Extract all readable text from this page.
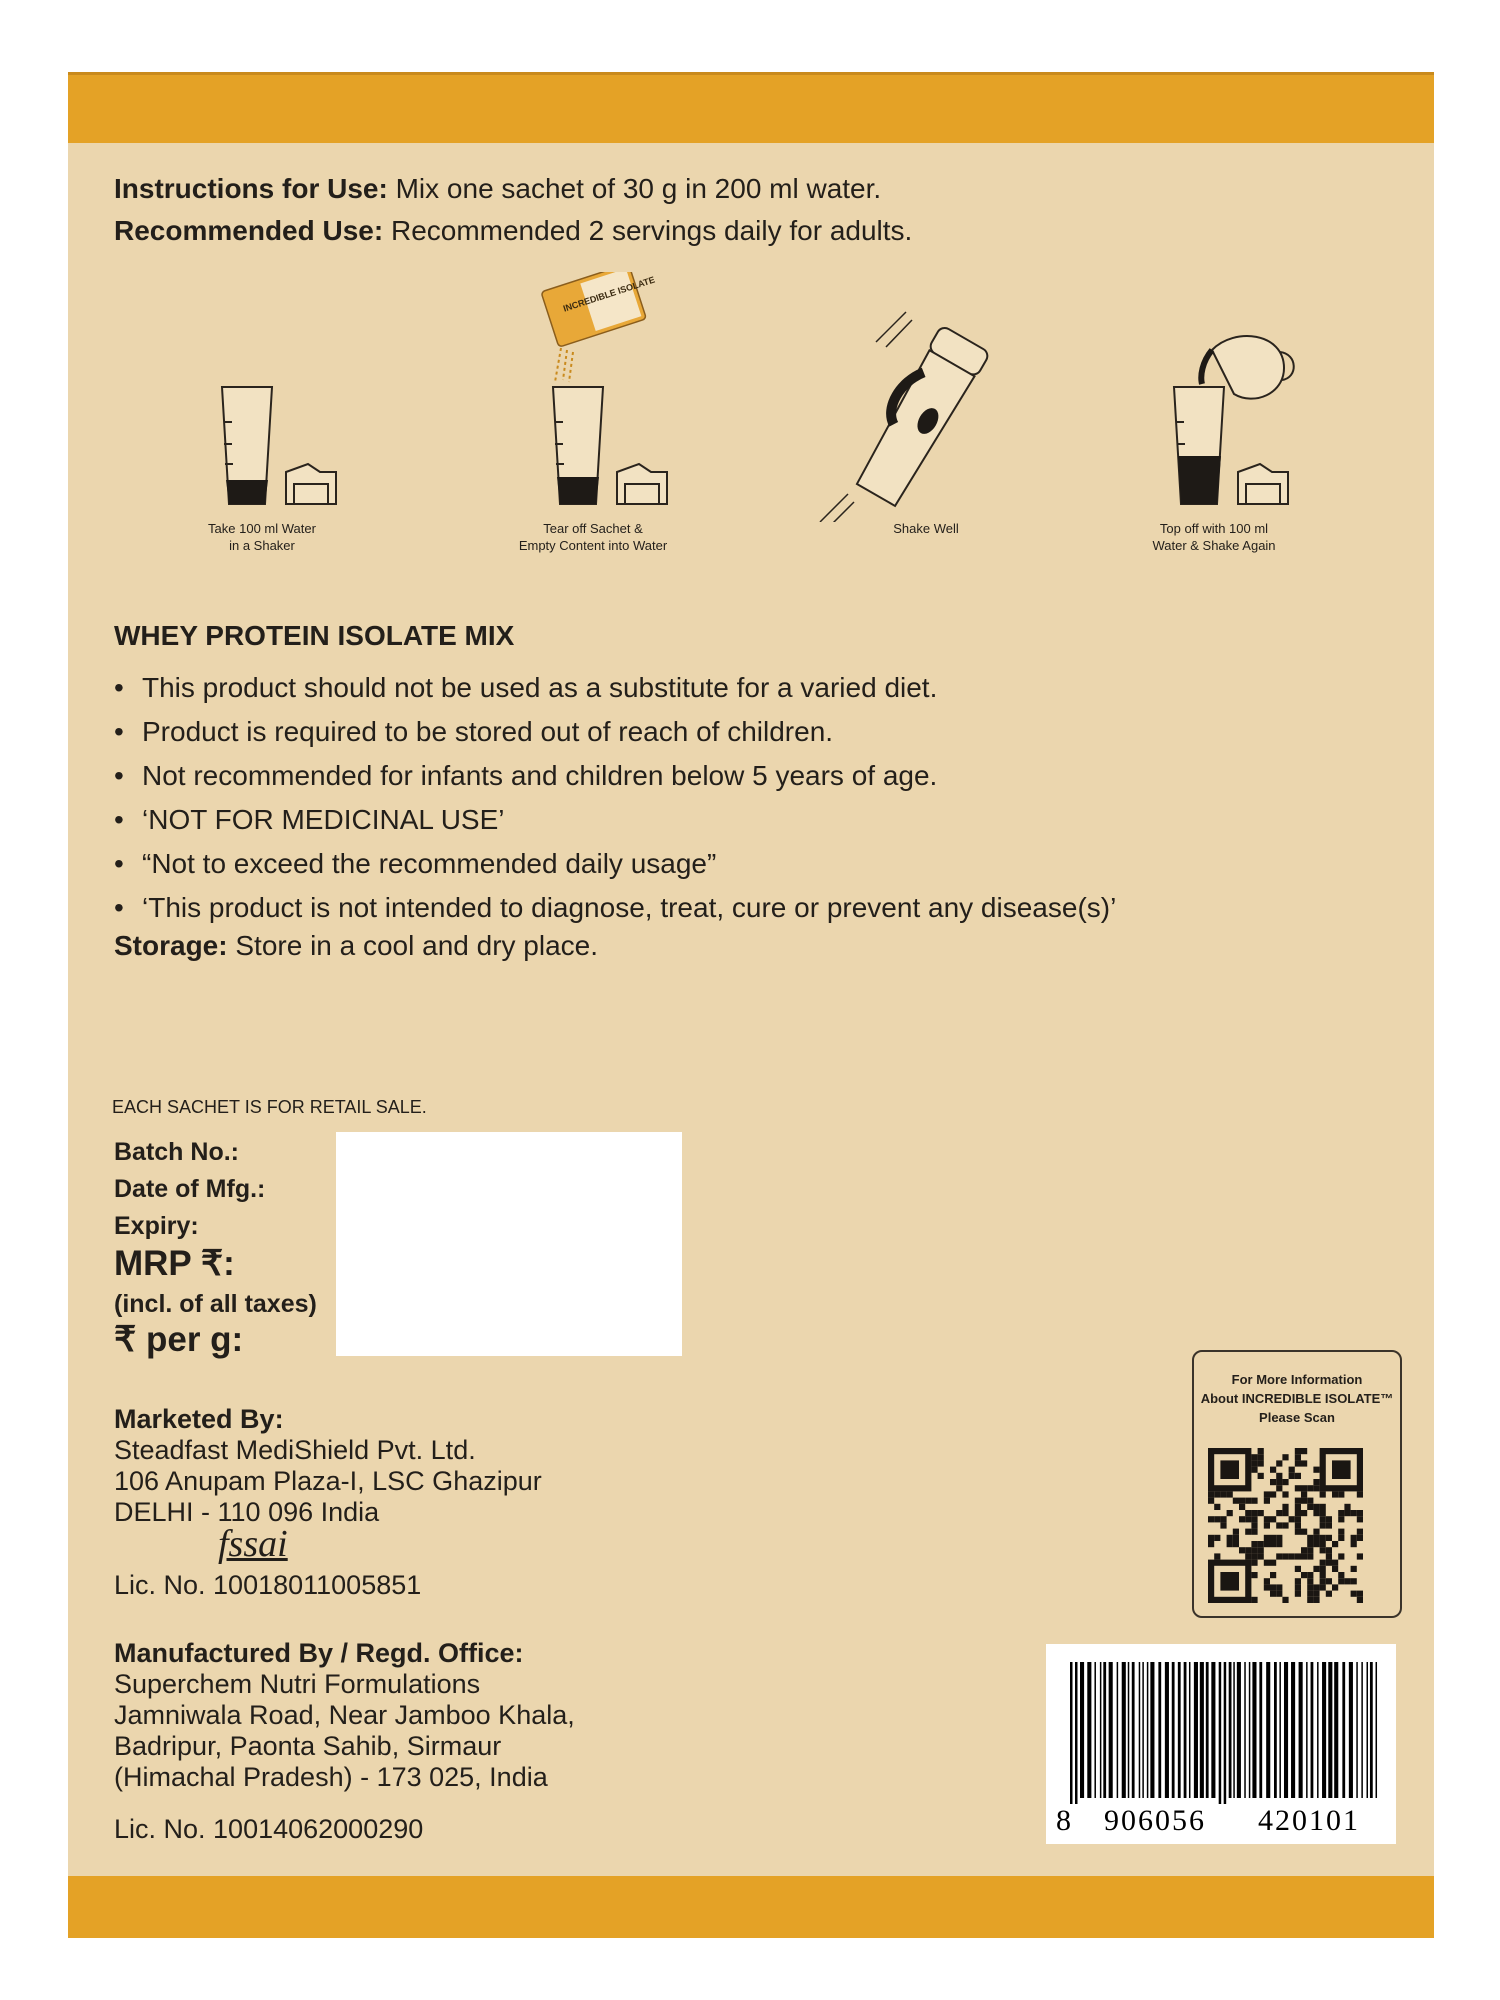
Instructions for Use: Mix one sachet of 30 g in 200 ml water.
Recommended Use: Recommended 2 servings daily for adults.
Take 100 ml Water
in a Shaker
INCREDIBLE ISOLATE
Tear off Sachet &
Empty Content into Water
Shake Well	Top off with 100 ml
Water & Shake Again
WHEY PROTEIN ISOLATE MIX
• This product should not be used as a substitute for a varied diet.
• Product is required to be stored out of reach of children.
• Not recommended for infants and children below 5 years of age.
• ‘NOT FOR MEDICINAL USE’
• “Not to exceed the recommended daily usage”
• ‘This product is not intended to diagnose, treat, cure or prevent any disease(s)’
Storage: Store in a cool and dry place.
EACH SACHET IS FOR RETAIL SALE.
Batch No.:
Date of Mfg.:
Expiry:
MRP ₹:
(incl. of all taxes)
₹ per g:
Marketed By:
Steadfast MediShield Pvt. Ltd.
106 Anupam Plaza-I, LSC Ghazipur
DELHI - 110 096 India
fssai
Lic. No. 10018011005851
Manufactured By / Regd. Office:
Superchem Nutri Formulations
Jamniwala Road, Near Jamboo Khala,
Badripur, Paonta Sahib, Sirmaur
(Himachal Pradesh) - 173 025, India
Lic. No. 10014062000290
For More Information
About INCREDIBLE ISOLATE™
Please Scan
8 906056 420101
